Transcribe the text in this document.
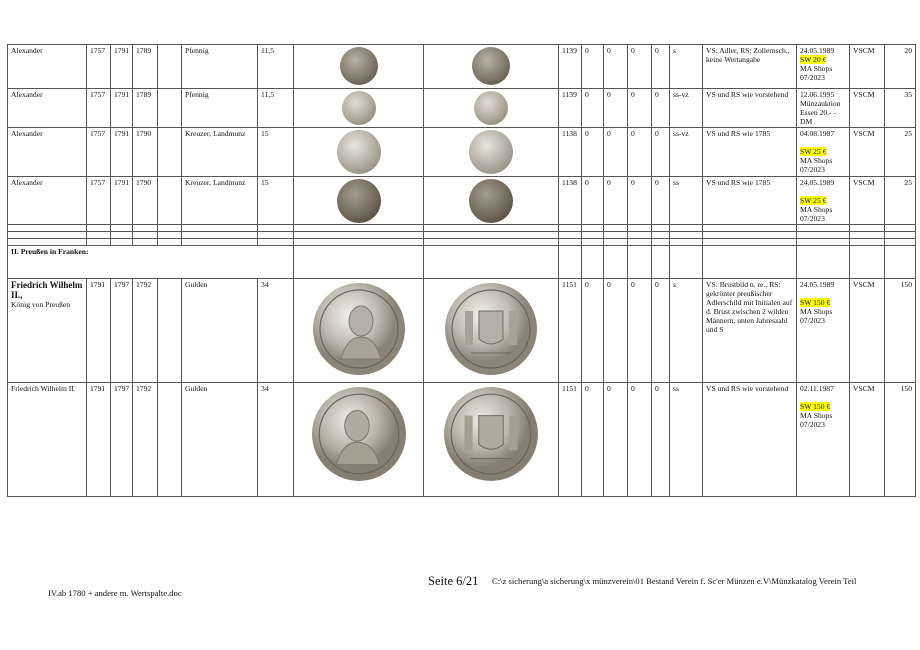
Alexander	1757	1791	1789		Pfennig	11,5			1139	0	0	0	0	s	VS: Adler, RS: Zollernsch., keine Wertangabe	24.05.1989
SW 20 €
MA Shops 07/2023	VSCM	20
Alexander	1757	1791	1789		Pfennig	11,5			1139	0	0	0	0	ss-vz	VS und RS wie vorstehend	12.06.1995 Münzauktion Essen 20.- - DM	VSCM	35
Alexander	1757	1791	1790		Kreuzer, Landmunz	15			1138	0	0	0	0	ss-vz	VS und RS wie 1785	04.08.1987

SW 25 €
MA Shops 07/2023	VSCM	25
Alexander	1757	1791	1790		Kreuzer, Landmunz	15			1138	0	0	0	0	ss	VS und RS wie 1785	24.05.1989

SW 25 €
MA Shops 07/2023	VSCM	25

II. Preußen in Franken:																		
Friedrich Wilhelm II.,
König von Preußen	1791	1797	1792		Gulden	34			1151	0	0	0	0	s	VS: Brustbild n. re., RS: gekrönter preußischer Adlerschild mit Initialen auf d. Brust zwischen 2 wilden Männern, unten Jahreszahl und S	24.05.1989

SW 150 €
MA Shops 07/2023	VSCM	150
Friedrich Wilhelm II.	1791	1797	1792		Gulden	34			1151	0	0	0	0	ss	VS und RS wie vorstehend	02.11.1987

SW 150 €
MA Shops 07/2023	VSCM	150
Seite 6/21 C:\z sicherung\a sicherung\x münzverein\01 Bestand Verein f. Sc'er Münzen e.V\Münzkatalog Verein Teil
IV.ab 1780 + andere m. Wertspalte.doc
